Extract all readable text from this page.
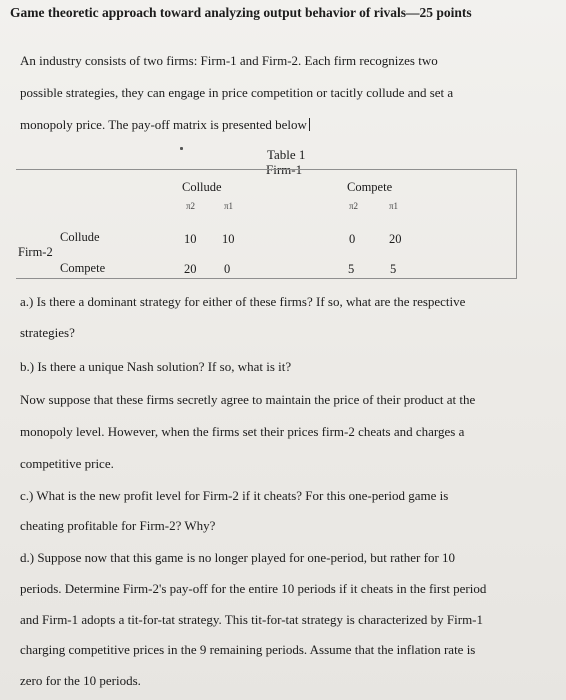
Game theoretic approach toward analyzing output behavior of rivals—25 points
An industry consists of two firms: Firm-1 and Firm-2. Each firm recognizes two
possible strategies, they can engage in price competition or tacitly collude and set a
monopoly price. The pay-off matrix is presented below
Table 1
Firm-1
Collude	Compete
π2	π1	π2	π1
Collude	10 10	0	20
Firm-2
Compete	20 0	5	5
a.) Is there a dominant strategy for either of these firms? If so, what are the respective
strategies?
b.) Is there a unique Nash solution? If so, what is it?
Now suppose that these firms secretly agree to maintain the price of their product at the
monopoly level. However, when the firms set their prices firm-2 cheats and charges a
competitive price.
c.) What is the new profit level for Firm-2 if it cheats? For this one-period game is
cheating profitable for Firm-2? Why?
d.) Suppose now that this game is no longer played for one-period, but rather for 10
periods. Determine Firm-2's pay-off for the entire 10 periods if it cheats in the first period
and Firm-1 adopts a tit-for-tat strategy. This tit-for-tat strategy is characterized by Firm-1
charging competitive prices in the 9 remaining periods. Assume that the inflation rate is
zero for the 10 periods.
